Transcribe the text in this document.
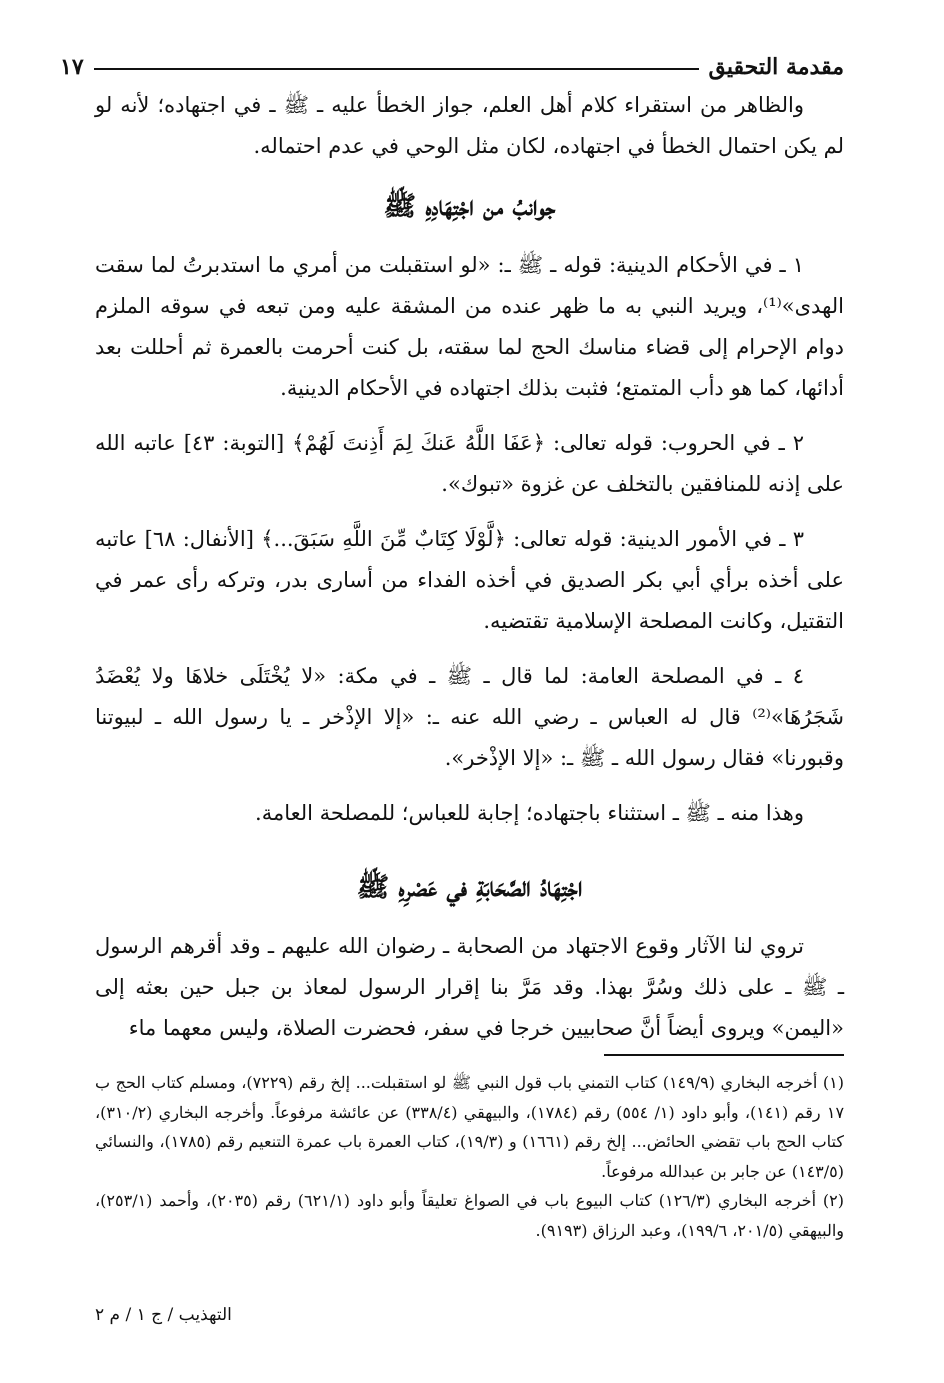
مقدمة التحقيق
١٧

والظاهر من استقراء كلام أهل العلم، جواز الخطأ عليه ـ ﷺ ـ في اجتهاده؛ لأنه لو لم يكن احتمال الخطأ في اجتهاده، لكان مثل الوحي في عدم احتماله.

جوانبُ من اجْتِهَادِهِ ﷺ

١ ـ في الأحكام الدينية: قوله ـ ﷺ ـ: «لو استقبلت من أمري ما استدبرتُ لما سقت الهدى»⁽¹⁾، ويريد النبي به ما ظهر عنده من المشقة عليه ومن تبعه في سوقه الملزم دوام الإحرام إلى قضاء مناسك الحج لما سقته، بل كنت أحرمت بالعمرة ثم أحللت بعد أدائها، كما هو دأب المتمتع؛ فثبت بذلك اجتهاده في الأحكام الدينية.

٢ ـ في الحروب: قوله تعالى: ﴿عَفَا اللَّهُ عَنكَ لِمَ أَذِنتَ لَهُمْ﴾ [التوبة: ٤٣] عاتبه الله على إذنه للمنافقين بالتخلف عن غزوة «تبوك».

٣ ـ في الأمور الدينية: قوله تعالى: ﴿لَّوْلَا كِتَابٌ مِّنَ اللَّهِ سَبَقَ...﴾ [الأنفال: ٦٨] عاتبه على أخذه برأي أبي بكر الصديق في أخذه الفداء من أسارى بدر، وتركه رأى عمر في التقتيل، وكانت المصلحة الإسلامية تقتضيه.

٤ ـ في المصلحة العامة: لما قال ـ ﷺ ـ في مكة: «لا يُخْتَلَى خلاهَا ولا يُعْضَدُ شَجَرُهَا»⁽²⁾ قال له العباس ـ رضي الله عنه ـ: «إلا الإذْخر ـ يا رسول الله ـ لبيوتنا وقبورنا» فقال رسول الله ـ ﷺ ـ: «إلا الإذْخر».

وهذا منه ـ ﷺ ـ استثناء باجتهاده؛ إجابة للعباس؛ للمصلحة العامة.

اجْتِهَادُ الصَّحَابَةِ في عَصْرِهِ ﷺ

تروي لنا الآثار وقوع الاجتهاد من الصحابة ـ رضوان الله عليهم ـ وقد أقرهم الرسول ـ ﷺ ـ على ذلك وسُرَّ بهذا. وقد مَرَّ بنا إقرار الرسول لمعاذ بن جبل حين بعثه إلى «اليمن» ويروى أيضاً أنَّ صحابيين خرجا في سفر، فحضرت الصلاة، وليس معهما ماء

(١) أخرجه البخاري (١٤٩/٩) كتاب التمني باب قول النبي ﷺ لو استقبلت... إلخ رقم (٧٢٢٩)، ومسلم كتاب الحج ب ١٧ رقم (١٤١)، وأبو داود (١/ ٥٥٤) رقم (١٧٨٤)، والبيهقي (٣٣٨/٤) عن عائشة مرفوعاً. وأخرجه البخاري (٣١٠/٢)، كتاب الحج باب تقضي الحائض... إلخ رقم (١٦٦١) و (١٩/٣)، كتاب العمرة باب عمرة التنعيم رقم (١٧٨٥)، والنسائي (١٤٣/٥) عن جابر بن عبدالله مرفوعاً.

(٢) أخرجه البخاري (١٢٦/٣) كتاب البيوع باب في الصواغ تعليقاً وأبو داود (٦٢١/١) رقم (٢٠٣٥)، وأحمد (٢٥٣/١)، والبيهقي (٢٠١/٥، ١٩٩/٦)، وعبد الرزاق (٩١٩٣).

التهذيب / ج ١ / م ٢
